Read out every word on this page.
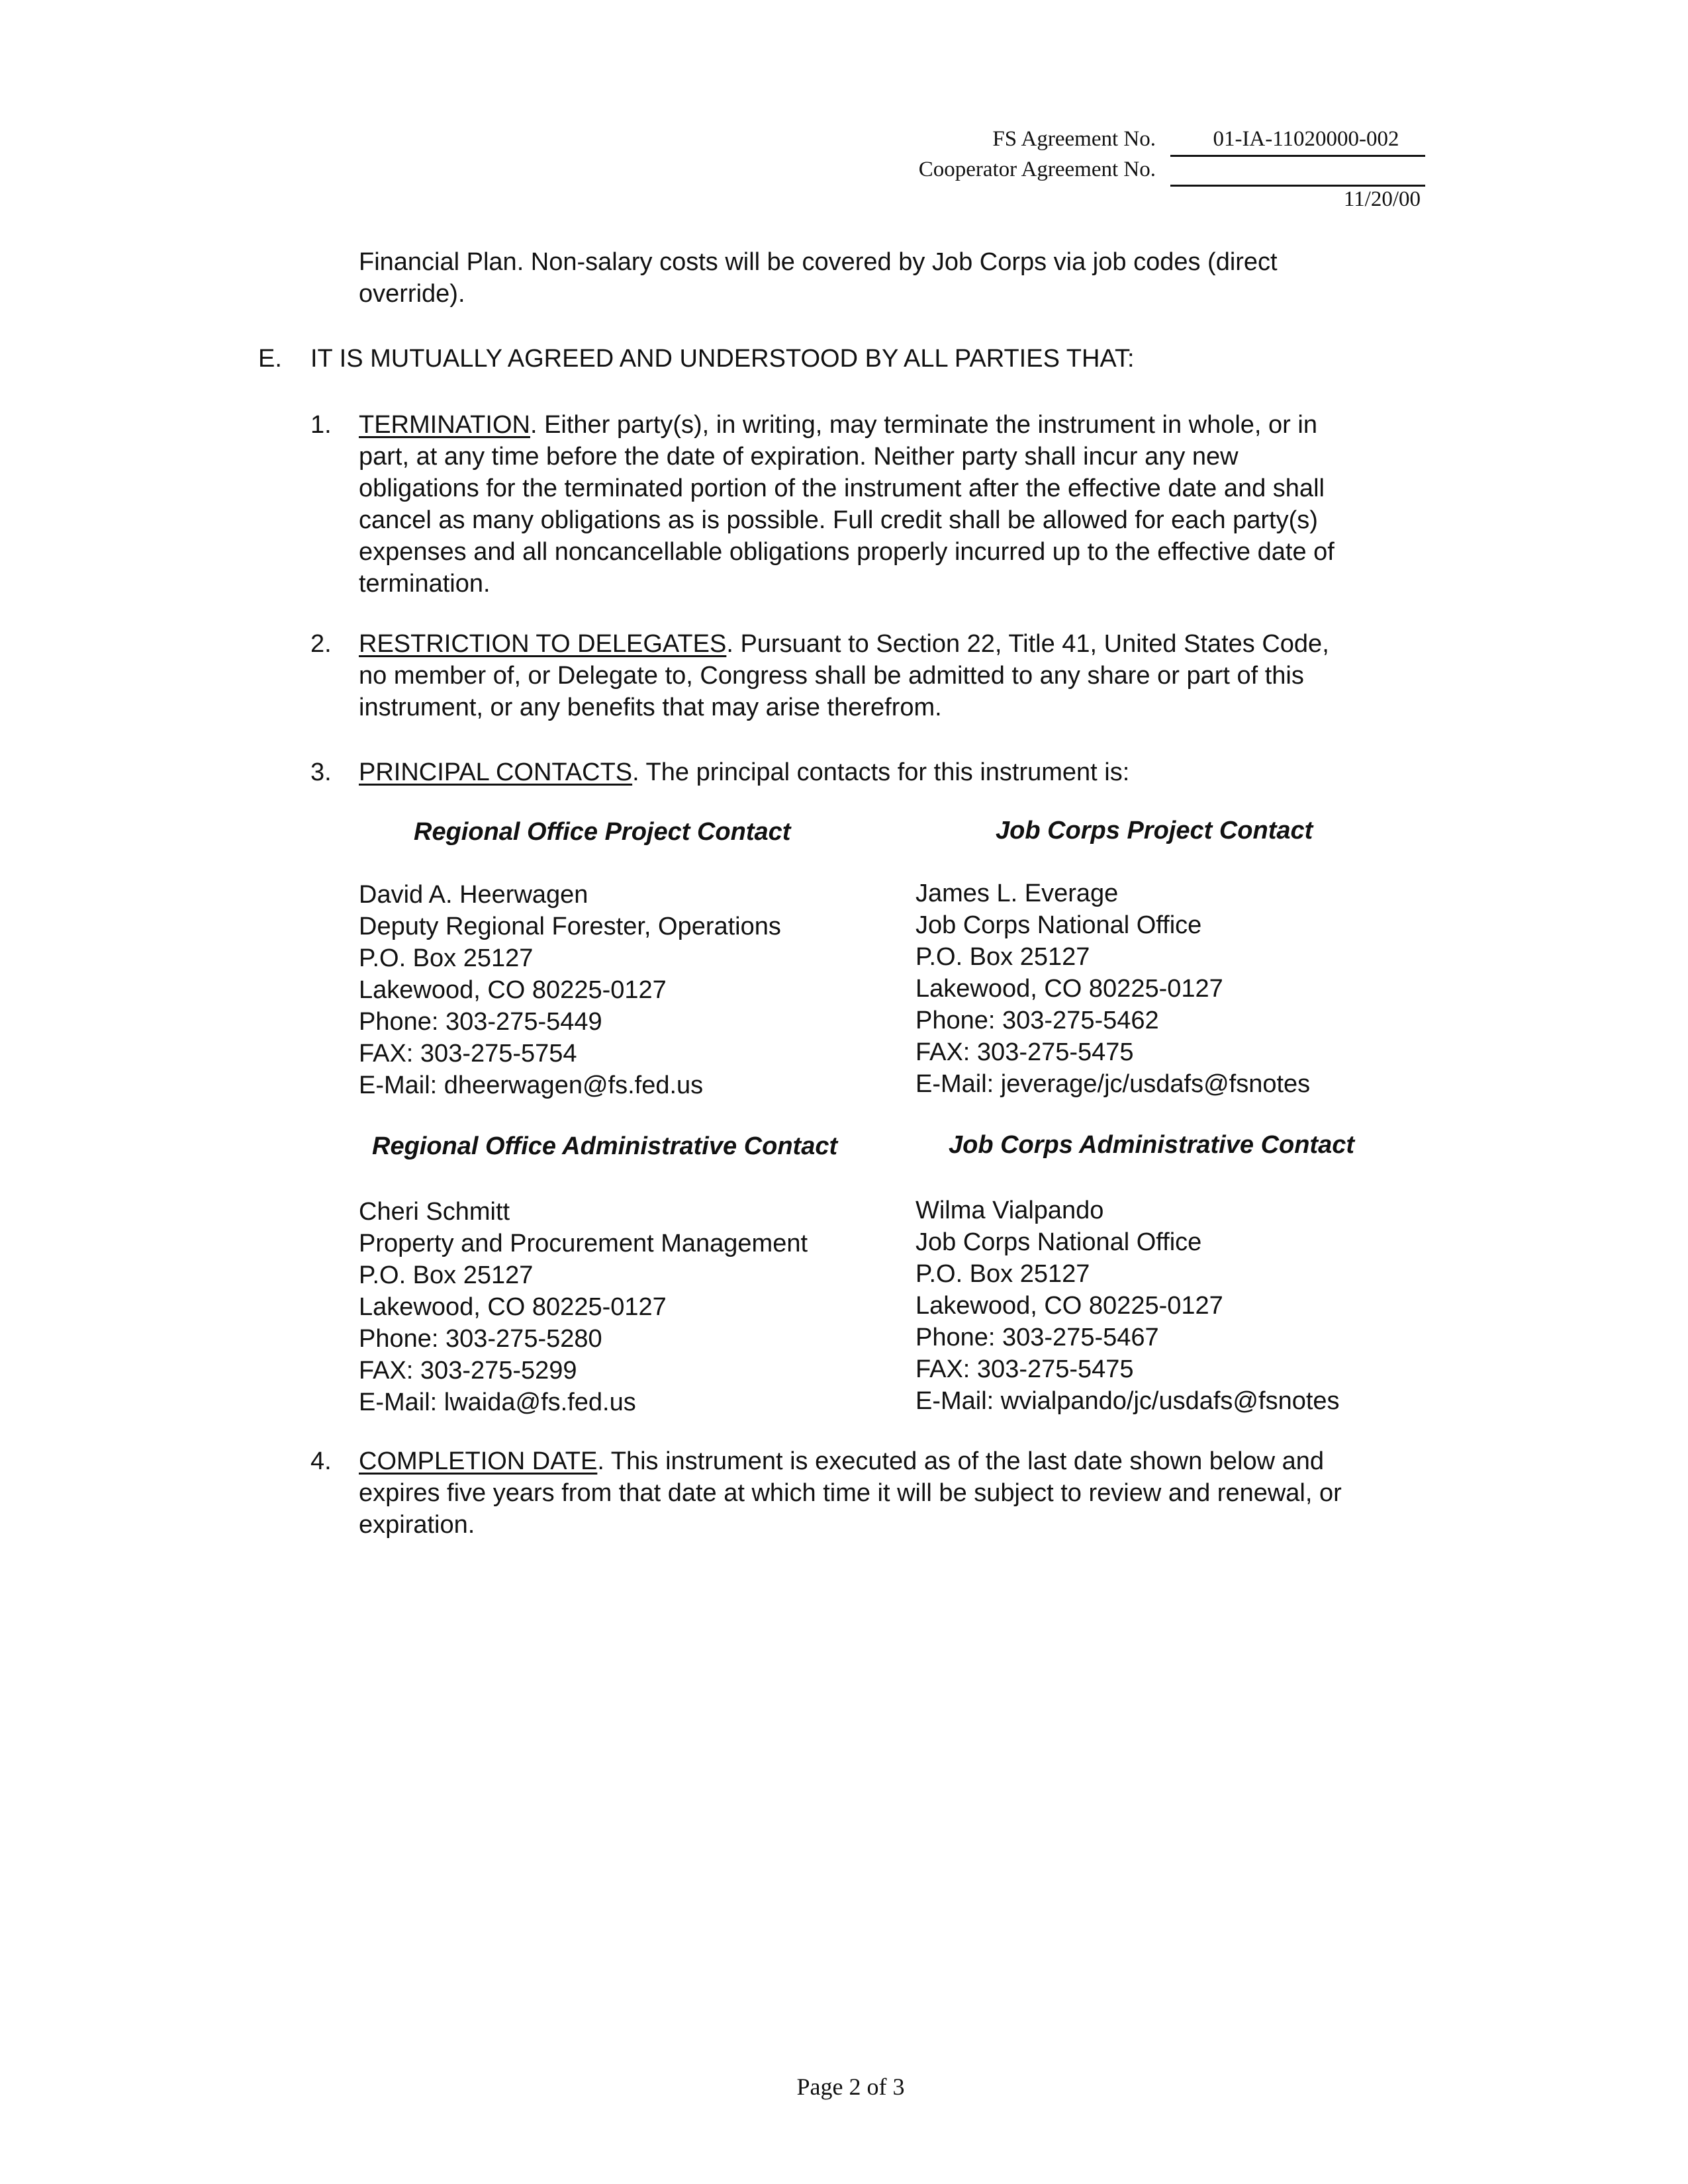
FS Agreement No.	01-IA-11020000-002
Cooperator Agreement No.
11/20/00
Financial Plan. Non-salary costs will be covered by Job Corps via job codes (direct
override).
E. IT IS MUTUALLY AGREED AND UNDERSTOOD BY ALL PARTIES THAT:
1. TERMINATION. Either party(s), in writing, may terminate the instrument in whole, or in
part, at any time before the date of expiration. Neither party shall incur any new
obligations for the terminated portion of the instrument after the effective date and shall
cancel as many obligations as is possible. Full credit shall be allowed for each party(s)
expenses and all noncancellable obligations properly incurred up to the effective date of
termination.
2. RESTRICTION TO DELEGATES. Pursuant to Section 22, Title 41, United States Code,
no member of, or Delegate to, Congress shall be admitted to any share or part of this
instrument, or any benefits that may arise therefrom.
3. PRINCIPAL CONTACTS. The principal contacts for this instrument is:
Regional Office Project Contact	Job Corps Project Contact
David A. Heerwagen
Deputy Regional Forester, Operations
P.O. Box 25127
Lakewood, CO 80225-0127
Phone: 303-275-5449
FAX: 303-275-5754
E-Mail: dheerwagen@fs.fed.us
James L. Everage
Job Corps National Office
P.O. Box 25127
Lakewood, CO 80225-0127
Phone: 303-275-5462
FAX: 303-275-5475
E-Mail: jeverage/jc/usdafs@fsnotes
Regional Office Administrative Contact	Job Corps Administrative Contact
Cheri Schmitt
Property and Procurement Management
P.O. Box 25127
Lakewood, CO 80225-0127
Phone: 303-275-5280
FAX: 303-275-5299
E-Mail: lwaida@fs.fed.us
Wilma Vialpando
Job Corps National Office
P.O. Box 25127
Lakewood, CO 80225-0127
Phone: 303-275-5467
FAX: 303-275-5475
E-Mail: wvialpando/jc/usdafs@fsnotes
4. COMPLETION DATE. This instrument is executed as of the last date shown below and
expires five years from that date at which time it will be subject to review and renewal, or
expiration.
Page 2 of 3
